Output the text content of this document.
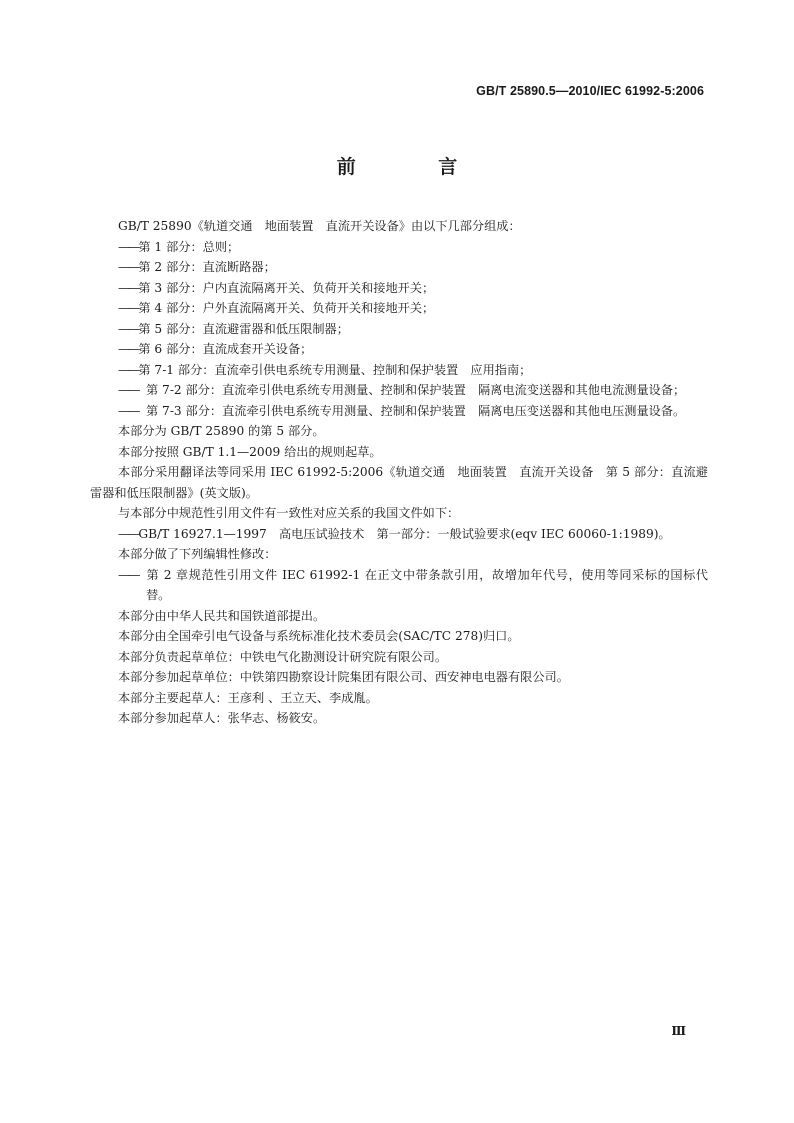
GB/T 25890.5—2010/IEC 61992-5:2006
前 言

GB/T 25890《轨道交通　地面装置　直流开关设备》由以下几部分组成：

——第 1 部分：总则；

——第 2 部分：直流断路器；

——第 3 部分：户内直流隔离开关、负荷开关和接地开关；

——第 4 部分：户外直流隔离开关、负荷开关和接地开关；

——第 5 部分：直流避雷器和低压限制器；

——第 6 部分：直流成套开关设备；

——第 7-1 部分：直流牵引供电系统专用测量、控制和保护装置　应用指南；

—— 第 7-2 部分：直流牵引供电系统专用测量、控制和保护装置　隔离电流变送器和其他电流测量设备；

—— 第 7-3 部分：直流牵引供电系统专用测量、控制和保护装置　隔离电压变送器和其他电压测量设备。

本部分为 GB/T 25890 的第 5 部分。

本部分按照 GB/T 1.1—2009 给出的规则起草。

本部分采用翻译法等同采用 IEC 61992-5:2006《轨道交通　地面装置　直流开关设备　第 5 部分：直流避雷器和低压限制器》(英文版)。

与本部分中规范性引用文件有一致性对应关系的我国文件如下：

——GB/T 16927.1—1997　高电压试验技术　第一部分：一般试验要求(eqv IEC 60060-1:1989)。

本部分做了下列编辑性修改：

—— 第 2 章规范性引用文件 IEC 61992-1 在正文中带条款引用，故增加年代号，使用等同采标的国标代替。

本部分由中华人民共和国铁道部提出。

本部分由全国牵引电气设备与系统标准化技术委员会(SAC/TC 278)归口。

本部分负责起草单位：中铁电气化勘测设计研究院有限公司。

本部分参加起草单位：中铁第四勘察设计院集团有限公司、西安神电电器有限公司。

本部分主要起草人：王彦利 、王立天、李成胤。

本部分参加起草人：张华志、杨筱安。

Ⅲ
